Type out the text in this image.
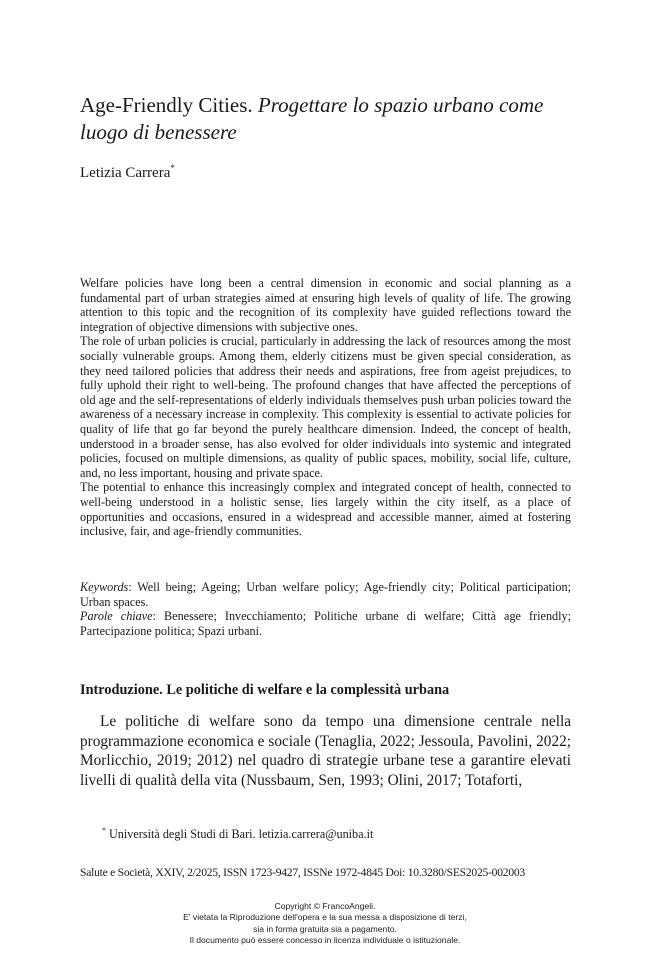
Age-Friendly Cities. Progettare lo spazio urbano come luogo di benessere
Letizia Carrera*

Welfare policies have long been a central dimension in economic and social planning as a fundamental part of urban strategies aimed at ensuring high levels of quality of life. The growing attention to this topic and the recognition of its complexity have guided reflections toward the integration of objective dimensions with subjective ones.

The role of urban policies is crucial, particularly in addressing the lack of resources among the most socially vulnerable groups. Among them, elderly citizens must be given special consideration, as they need tailored policies that address their needs and aspirations, free from ageist prejudices, to fully uphold their right to well-being. The profound changes that have affected the perceptions of old age and the self-representations of elderly individuals themselves push urban policies toward the awareness of a necessary increase in complexity. This complexity is essential to activate policies for quality of life that go far beyond the purely healthcare dimension. Indeed, the concept of health, understood in a broader sense, has also evolved for older individuals into systemic and integrated policies, focused on multiple dimensions, as quality of public spaces, mobility, social life, culture, and, no less important, housing and private space.

The potential to enhance this increasingly complex and integrated concept of health, connected to well-being understood in a holistic sense, lies largely within the city itself, as a place of opportunities and occasions, ensured in a widespread and accessible manner, aimed at fostering inclusive, fair, and age-friendly communities.

Keywords: Well being; Ageing; Urban welfare policy; Age-friendly city; Political participation; Urban spaces.

Parole chiave: Benessere; Invecchiamento; Politiche urbane di welfare; Città age friendly; Partecipazione politica; Spazi urbani.

Introduzione. Le politiche di welfare e la complessità urbana

Le politiche di welfare sono da tempo una dimensione centrale nella programmazione economica e sociale (Tenaglia, 2022; Jessoula, Pavolini, 2022; Morlicchio, 2019; 2012) nel quadro di strategie urbane tese a garantire elevati livelli di qualità della vita (Nussbaum, Sen, 1993; Olini, 2017; Totaforti,

* Università degli Studi di Bari. letizia.carrera@uniba.it
Salute e Società, XXIV, 2/2025, ISSN 1723-9427, ISSNe 1972-4845 Doi: 10.3280/SES2025-002003
Copyright © FrancoAngeli.
E' vietata la Riproduzione dell'opera e la sua messa a disposizione di terzi,
sia in forma gratuita sia a pagamento.
Il documento può essere concesso in licenza individuale o istituzionale.
